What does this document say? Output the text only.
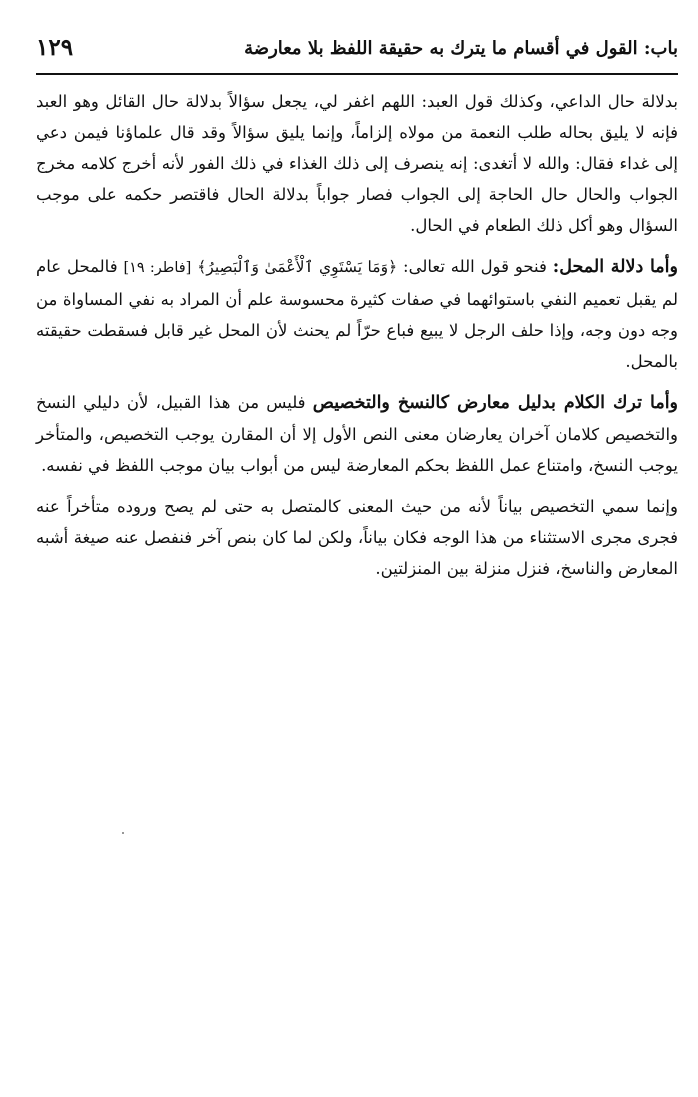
باب: القول في أقسام ما يترك به حقيقة اللفظ بلا معارضة
١٢٩

بدلالة حال الداعي، وكذلك قول العبد: اللهم اغفر لي، يجعل سؤالاً بدلالة حال القائل وهو العبد فإنه لا يليق بحاله طلب النعمة من مولاه إلزاماً، وإنما يليق سؤالاً وقد قال علماؤنا فيمن دعي إلى غداء فقال: والله لا أتغدى: إنه ينصرف إلى ذلك الغذاء في ذلك الفور لأنه أخرج كلامه مخرج الجواب والحال حال الحاجة إلى الجواب فصار جواباً بدلالة الحال فاقتصر حكمه على موجب السؤال وهو أكل ذلك الطعام في الحال.

وأما دلالة المحل: فنحو قول الله تعالى: ﴿وَمَا يَسْتَوِي ٱلْأَعْمَىٰ وَٱلْبَصِيرُ﴾ [فاطر: ١٩] فالمحل عام لم يقبل تعميم النفي باستوائهما في صفات كثيرة محسوسة علم أن المراد به نفي المساواة من وجه دون وجه، وإذا حلف الرجل لا يبيع فباع حرّاً لم يحنث لأن المحل غير قابل فسقطت حقيقته بالمحل.

وأما ترك الكلام بدليل معارض كالنسخ والتخصيص فليس من هذا القبيل، لأن دليلي النسخ والتخصيص كلامان آخران يعارضان معنى النص الأول إلا أن المقارن يوجب التخصيص، والمتأخر يوجب النسخ، وامتناع عمل اللفظ بحكم المعارضة ليس من أبواب بيان موجب اللفظ في نفسه.

وإنما سمي التخصيص بياناً لأنه من حيث المعنى كالمتصل به حتى لم يصح وروده متأخراً عنه فجرى مجرى الاستثناء من هذا الوجه فكان بياناً، ولكن لما كان بنص آخر فنفصل عنه صيغة أشبه المعارض والناسخ، فنزل منزلة بين المنزلتين.
